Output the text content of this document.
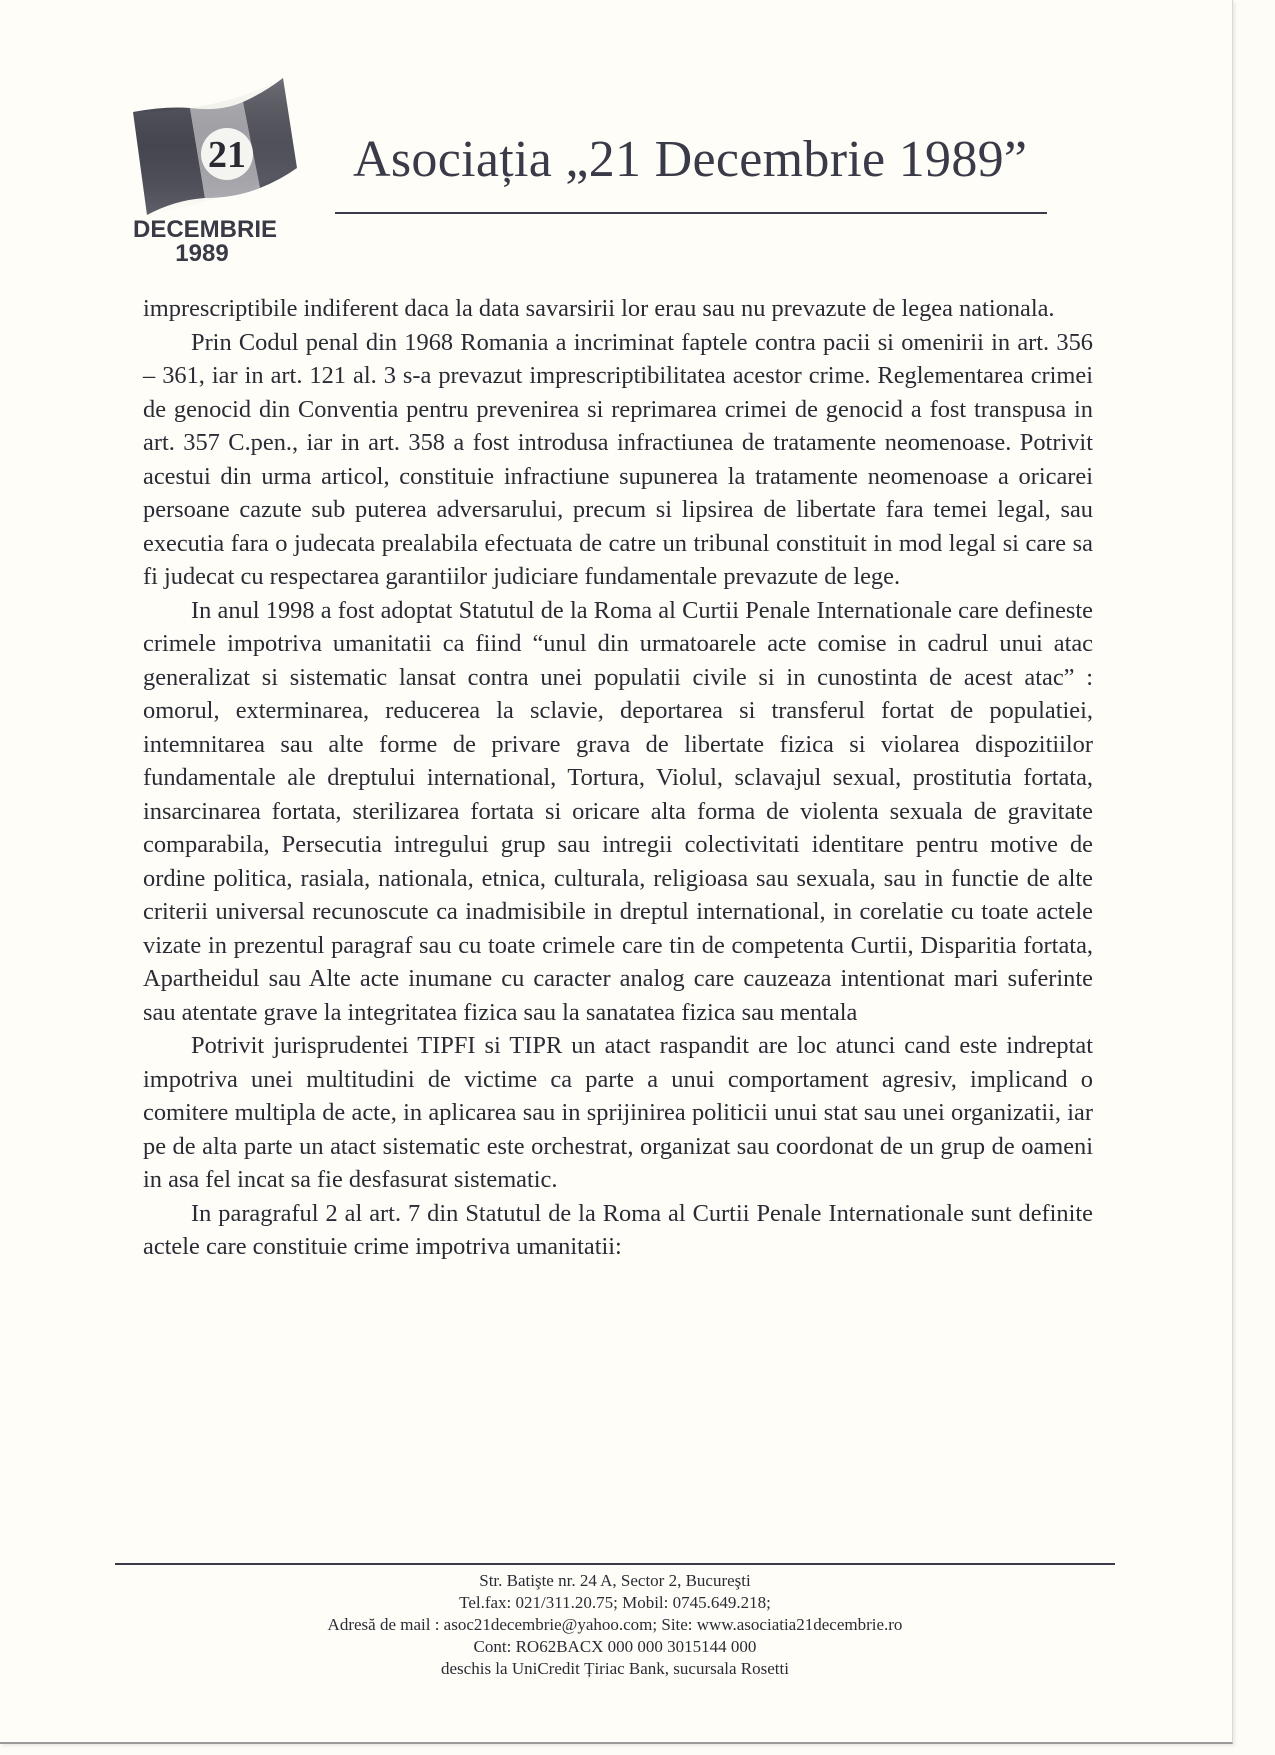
21
DECEMBRIE
1989
Asociația „21 Decembrie 1989”

imprescriptibile indiferent daca la data savarsirii lor erau sau nu prevazute de legea nationala.

Prin Codul penal din 1968 Romania a incriminat faptele contra pacii si omenirii in art. 356 – 361, iar in art. 121 al. 3 s-a prevazut imprescriptibilitatea acestor crime. Reglementarea crimei de genocid din Conventia pentru prevenirea si reprimarea crimei de genocid a fost transpusa in art. 357 C.pen., iar in art. 358 a fost introdusa infractiunea de tratamente neomenoase. Potrivit acestui din urma articol, constituie infractiune supunerea la tratamente neomenoase a oricarei persoane cazute sub puterea adversarului, precum si lipsirea de libertate fara temei legal, sau executia fara o judecata prealabila efectuata de catre un tribunal constituit in mod legal si care sa fi judecat cu respectarea garantiilor judiciare fundamentale prevazute de lege.

In anul 1998 a fost adoptat Statutul de la Roma al Curtii Penale Internationale care defineste crimele impotriva umanitatii ca fiind “unul din urmatoarele acte comise in cadrul unui atac generalizat si sistematic lansat contra unei populatii civile si in cunostinta de acest atac” : omorul, exterminarea, reducerea la sclavie, deportarea si transferul fortat de populatiei, intemnitarea sau alte forme de privare grava de libertate fizica si violarea dispozitiilor fundamentale ale dreptului international, Tortura, Violul, sclavajul sexual, prostitutia fortata, insarcinarea fortata, sterilizarea fortata si oricare alta forma de violenta sexuala de gravitate comparabila, Persecutia intregului grup sau intregii colectivitati identitare pentru motive de ordine politica, rasiala, nationala, etnica, culturala, religioasa sau sexuala, sau in functie de alte criterii universal recunoscute ca inadmisibile in dreptul international, in corelatie cu toate actele vizate in prezentul paragraf sau cu toate crimele care tin de competenta Curtii, Disparitia fortata, Apartheidul sau Alte acte inumane cu caracter analog care cauzeaza intentionat mari suferinte sau atentate grave la integritatea fizica sau la sanatatea fizica sau mentala

Potrivit jurisprudentei TIPFI si TIPR un atact raspandit are loc atunci cand este indreptat impotriva unei multitudini de victime ca parte a unui comportament agresiv, implicand o comitere multipla de acte, in aplicarea sau in sprijinirea politicii unui stat sau unei organizatii, iar pe de alta parte un atact sistematic este orchestrat, organizat sau coordonat de un grup de oameni in asa fel incat sa fie desfasurat sistematic.

In paragraful 2 al art. 7 din Statutul de la Roma al Curtii Penale Internationale sunt definite actele care constituie crime impotriva umanitatii:

Str. Batişte nr. 24 A, Sector 2, Bucureşti
Tel.fax: 021/311.20.75; Mobil: 0745.649.218;
Adresă de mail : asoc21decembrie@yahoo.com; Site: www.asociatia21decembrie.ro
Cont: RO62BACX 000 000 3015144 000
deschis la UniCredit Țiriac Bank, sucursala Rosetti
